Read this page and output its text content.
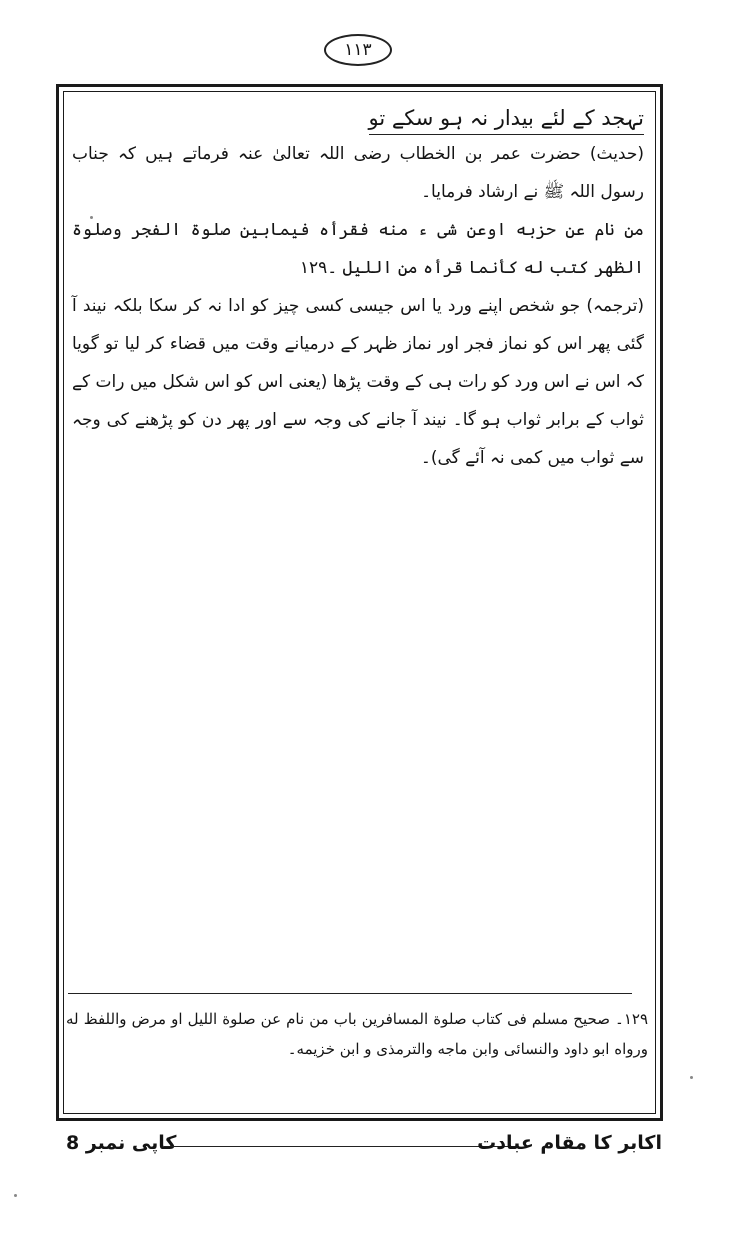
١١٣
تہجد کے لئے بیدار نہ ہو سکے تو

(حدیث) حضرت عمر بن الخطاب رضی اللہ تعالیٰ عنہ فرماتے ہیں کہ جناب رسول اللہ ﷺ نے ارشاد فرمایا۔

من نام عن حزبه اوعن شی ء منه فقرأه فيمابين صلوة الفجر وصلوة الظهر كتب له كأنما قرأه من الليل ۔١٢٩

(ترجمہ) جو شخص اپنے ورد یا اس جیسی کسی چیز کو ادا نہ کر سکا بلکہ نیند آ گئی پھر اس کو نماز فجر اور نماز ظہر کے درمیانے وقت میں قضاء کر لیا تو گویا کہ اس نے اس ورد کو رات ہی کے وقت پڑھا (یعنی اس کو اس شکل میں رات کے ثواب کے برابر ثواب ہو گا۔ نیند آ جانے کی وجہ سے اور پھر دن کو پڑھنے کی وجہ سے ثواب میں کمی نہ آئے گی)۔

١٢٩۔ صحيح مسلم فی كتاب صلوة المسافرين باب من نام عن صلوة الليل او مرض واللفظ له ورواه ابو داود والنسائی وابن ماجه والترمذی و ابن خزيمه۔
کاپی نمبر 8	اکابر کا مقام عبادت
